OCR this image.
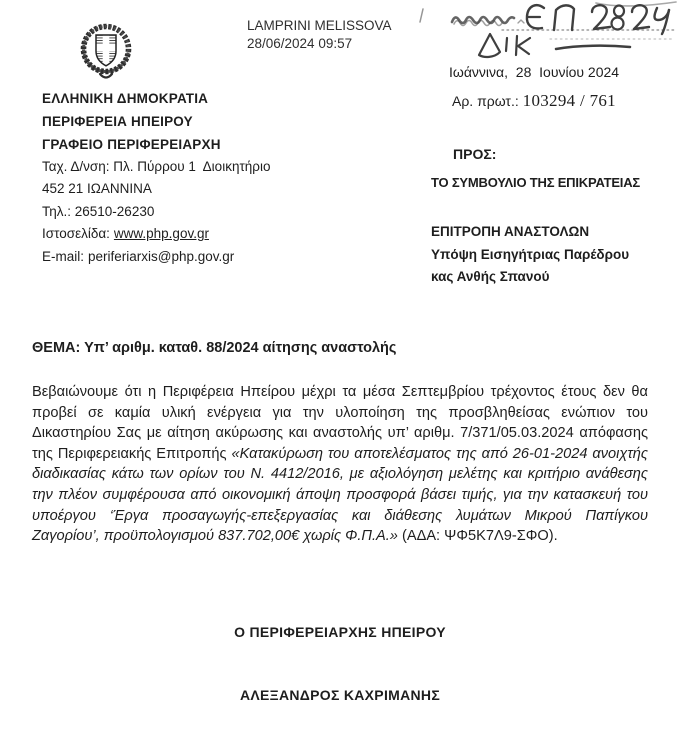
LAMPRINI MELISSOVA
28/06/2024 09:57
ΕΛΛΗΝΙΚΗ ΔΗΜΟΚΡΑΤΙΑ
ΠΕΡΙΦΕΡΕΙΑ ΗΠΕΙΡΟΥ
ΓΡΑΦΕΙΟ ΠΕΡΙΦΕΡΕΙΑΡΧΗ
Ταχ. Δ/νση: Πλ. Πύρρου 1  Διοικητήριο
452 21 ΙΩΑΝΝΙΝΑ
Τηλ.: 26510-26230
Ιστοσελίδα: www.php.gov.gr
E-mail: periferiarxis@php.gov.gr
Ιωάννινα,  28  Ιουνίου 2024
Αρ. πρωτ.: 103294 / 761
ΠΡΟΣ:
ΤΟ ΣΥΜΒΟΥΛΙΟ ΤΗΣ ΕΠΙΚΡΑΤΕΙΑΣ
ΕΠΙΤΡΟΠΗ ΑΝΑΣΤΟΛΩΝ
Υπόψη Εισηγήτριας Παρέδρου
κας Ανθής Σπανού
ΘΕΜΑ: Υπ’ αριθμ. καταθ. 88/2024 αίτησης αναστολής
Βεβαιώνουμε ότι η Περιφέρεια Ηπείρου μέχρι τα μέσα Σεπτεμβρίου τρέχοντος έτους δεν θα προβεί σε καμία υλική ενέργεια για την υλοποίηση της προσβληθείσας ενώπιον του Δικαστηρίου Σας με αίτηση ακύρωσης και αναστολής υπ’ αριθμ. 7/371/05.03.2024 απόφασης της Περιφερειακής Επιτροπής «Κατακύρωση του αποτελέσματος της από 26-01-2024 ανοιχτής διαδικασίας κάτω των ορίων του Ν. 4412/2016, με αξιολόγηση μελέτης και κριτήριο ανάθεσης την πλέον συμφέρουσα από οικονομική άποψη προσφορά βάσει τιμής, για την κατασκευή του υποέργου ‘Έργα προσαγωγής-επεξεργασίας και διάθεσης λυμάτων Μικρού Παπίγκου Ζαγορίου’, προϋπολογισμού 837.702,00€ χωρίς Φ.Π.Α.» (ΑΔΑ: ΨΦ5Κ7Λ9-ΣΦΟ).
Ο ΠΕΡΙΦΕΡΕΙΑΡΧΗΣ ΗΠΕΙΡΟΥ
ΑΛΕΞΑΝΔΡΟΣ ΚΑΧΡΙΜΑΝΗΣ
